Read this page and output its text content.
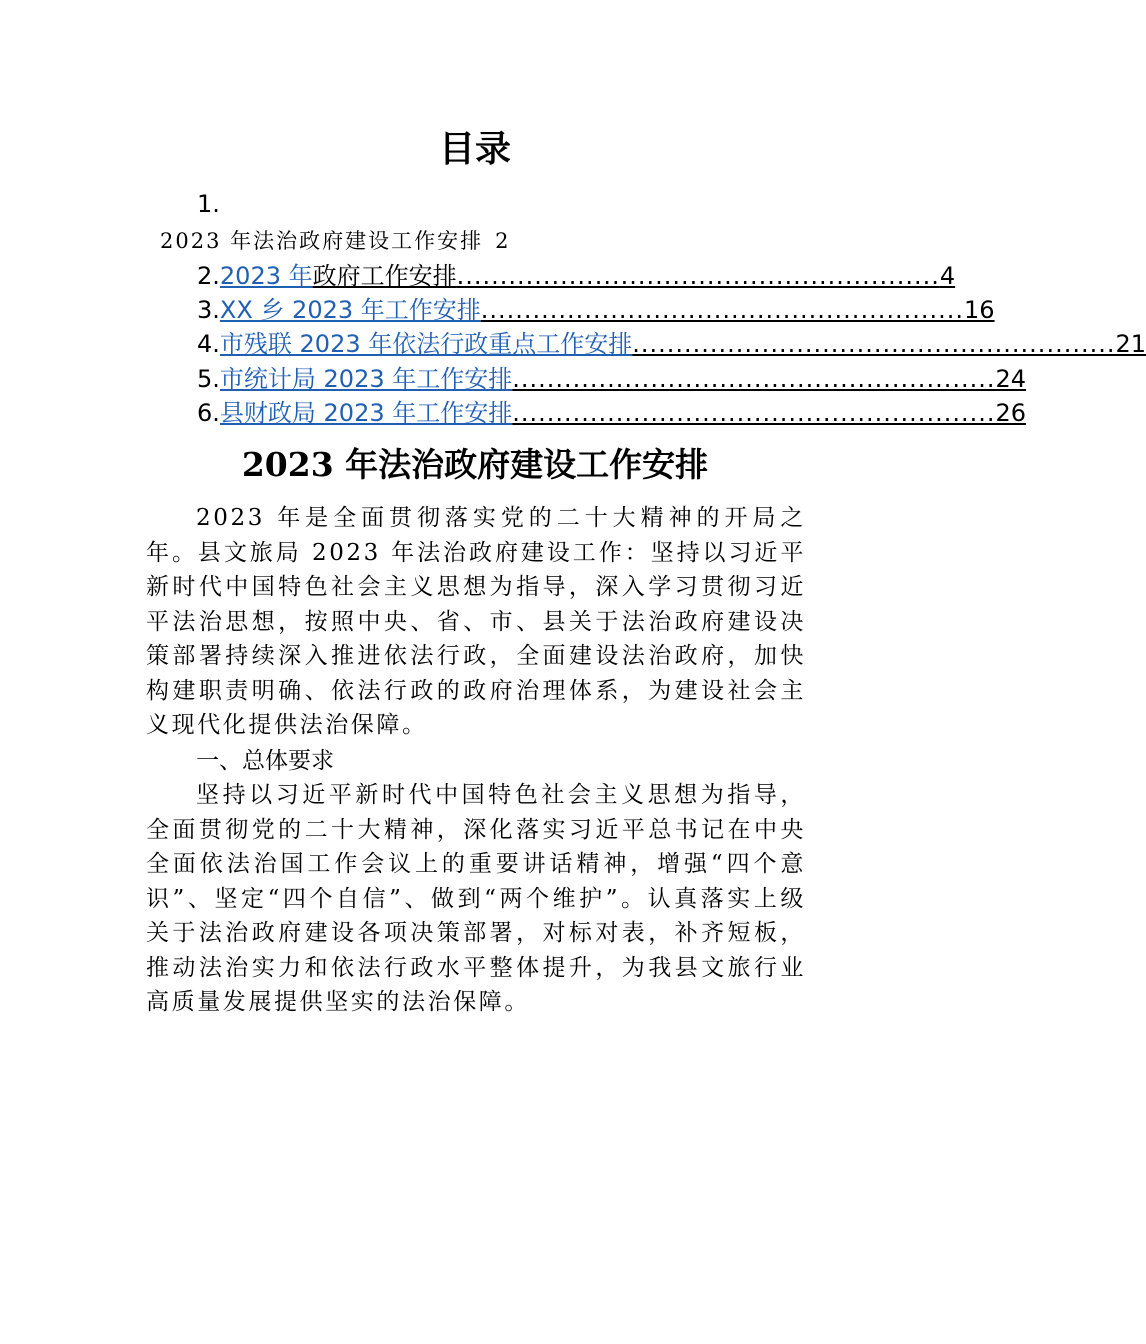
目录
1.
2023 年法治政府建设工作安排 2
2. 2023 年 政府工作安排 ........................................................ 4
3. XX 乡 2023 年工作安排 ........................................................ 16
4. 市残联 2023 年依法行政重点工作安排 ........................................................ 21
5. 市统计局 2023 年工作安排 ........................................................ 24
6. 县财政局 2023 年工作安排 ........................................................ 26
2023 年法治政府建设工作安排

2023 年是全面贯彻落实党的二十大精神的开局之年。县文旅局 2023 年法治政府建设工作：坚持以习近平新时代中国特色社会主义思想为指导，深入学习贯彻习近平法治思想，按照中央、省、市、县关于法治政府建设决策部署持续深入推进依法行政，全面建设法治政府，加快构建职责明确、依法行政的政府治理体系，为建设社会主义现代化提供法治保障。

一、总体要求

坚持以习近平新时代中国特色社会主义思想为指导，全面贯彻党的二十大精神，深化落实习近平总书记在中央全面依法治国工作会议上的重要讲话精神，增强“四个意识”、坚定“四个自信”、做到“两个维护”。认真落实上级关于法治政府建设各项决策部署，对标对表，补齐短板，推动法治实力和依法行政水平整体提升，为我县文旅行业高质量发展提供坚实的法治保障。
